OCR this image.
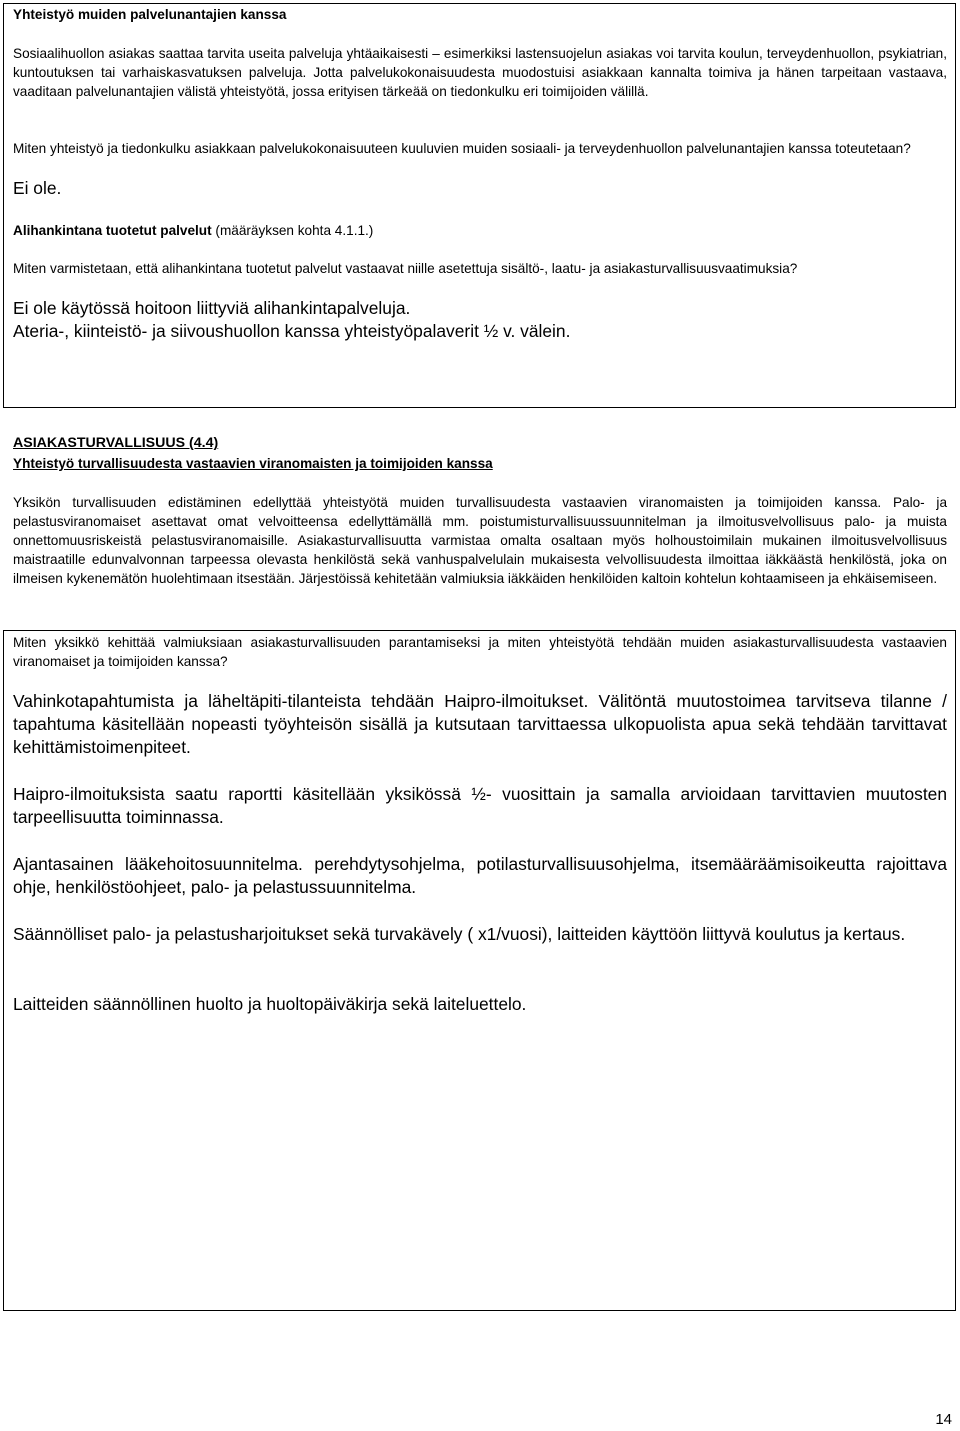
Yhteistyö muiden palvelunantajien kanssa
Sosiaalihuollon asiakas saattaa tarvita useita palveluja yhtäaikaisesti – esimerkiksi lastensuojelun asiakas voi tarvita koulun, terveydenhuollon, psykiatrian, kuntoutuksen tai varhaiskasvatuksen palveluja. Jotta palvelukokonaisuudesta muodostuisi asiakkaan kannalta toimiva ja hänen tarpeitaan vastaava, vaaditaan palvelunantajien välistä yhteistyötä, jossa erityisen tärkeää on tiedonkulku eri toimijoiden välillä.
Miten yhteistyö ja tiedonkulku asiakkaan palvelukokonaisuuteen kuuluvien muiden sosiaali- ja terveydenhuollon palvelunantajien kanssa toteutetaan?
Ei ole.
Alihankintana tuotetut palvelut (määräyksen kohta 4.1.1.)
Miten varmistetaan, että alihankintana tuotetut palvelut vastaavat niille asetettuja sisältö-, laatu- ja asiakasturvallisuusvaatimuksia?
Ei ole käytössä hoitoon liittyviä alihankintapalveluja.
Ateria-, kiinteistö- ja siivoushuollon kanssa yhteistyöpalaverit ½ v. välein.
ASIAKASTURVALLISUUS (4.4)
Yhteistyö turvallisuudesta vastaavien viranomaisten ja toimijoiden kanssa
Yksikön turvallisuuden edistäminen edellyttää yhteistyötä muiden turvallisuudesta vastaavien viranomaisten ja toimijoiden kanssa. Palo- ja pelastusviranomaiset asettavat omat velvoitteensa edellyttämällä mm. poistumisturvallisuussuunnitelman ja ilmoitusvelvollisuus palo- ja muista onnettomuusriskeistä pelastusviranomaisille. Asiakasturvallisuutta varmistaa omalta osaltaan myös holhoustoimilain mukainen ilmoitusvelvollisuus maistraatille edunvalvonnan tarpeessa olevasta henkilöstä sekä vanhuspalvelulain mukaisesta velvollisuudesta ilmoittaa iäkkäästä henkilöstä, joka on ilmeisen kykenemätön huolehtimaan itsestään. Järjestöissä kehitetään valmiuksia iäkkäiden henkilöiden kaltoin kohtelun kohtaamiseen ja ehkäisemiseen.
Miten yksikkö kehittää valmiuksiaan asiakasturvallisuuden parantamiseksi ja miten yhteistyötä tehdään muiden asiakasturvallisuudesta vastaavien viranomaiset ja toimijoiden kanssa?
Vahinkotapahtumista ja läheltäpiti-tilanteista tehdään Haipro-ilmoitukset. Välitöntä muutostoimea tarvitseva tilanne / tapahtuma käsitellään nopeasti työyhteisön sisällä ja kutsutaan tarvittaessa ulkopuolista apua sekä tehdään tarvittavat kehittämistoimenpiteet.
Haipro-ilmoituksista saatu raportti käsitellään yksikössä ½- vuosittain ja samalla arvioidaan tarvittavien muutosten tarpeellisuutta toiminnassa.
Ajantasainen lääkehoitosuunnitelma. perehdytysohjelma, potilasturvallisuusohjelma, itsemääräämisoikeutta rajoittava ohje, henkilöstöohjeet, palo- ja pelastussuunnitelma.
Säännölliset palo- ja pelastusharjoitukset sekä turvakävely ( x1/vuosi), laitteiden käyttöön liittyvä koulutus ja kertaus.
Laitteiden säännöllinen huolto ja huoltopäiväkirja sekä laiteluettelo.
14
